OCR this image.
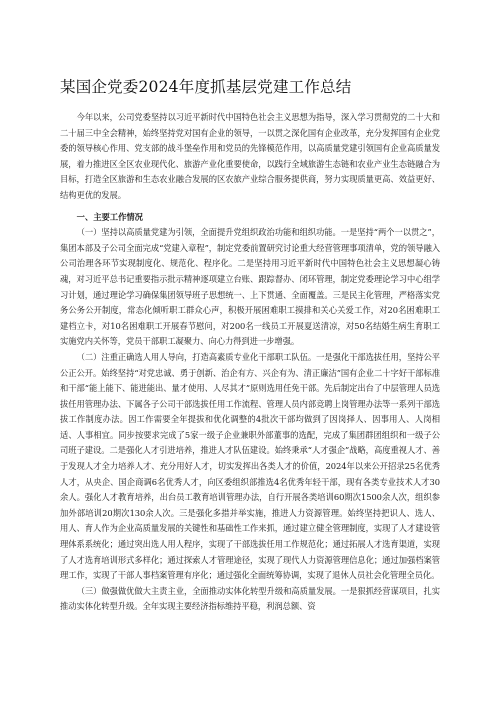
某国企党委2024年度抓基层党建工作总结

今年以来，公司党委坚持以习近平新时代中国特色社会主义思想为指导，深入学习贯彻党的二十大和二十届三中全会精神，始终坚持党对国有企业的领导，一以贯之深化国有企业改革，充分发挥国有企业党委的领导核心作用、党支部的战斗堡垒作用和党员的先锋模范作用，以高质量党建引领国有企业高质量发展，着力推进区全区农业现代化、旅游产业化重要使命，以践行全域旅游生态链和农业产业生态链融合为目标，打造全区旅游和生态农业融合发展的区农旅产业综合服务提供商，努力实现质量更高、效益更好、结构更优的发展。

一、主要工作情况

（一）坚持以高质量党建为引领，全面提升党组织政治功能和组织功能。一是坚持“两个一以贯之”，集团本部及子公司全面完成“党建入章程”，制定党委前置研究讨论重大经营管理事项清单，党的领导融入公司治理各环节实现制度化、规范化、程序化。二是坚持用习近平新时代中国特色社会主义思想凝心铸魂，对习近平总书记重要指示批示精神逐项建立台账、跟踪督办、闭环管理，制定党委理论学习中心组学习计划，通过理论学习确保集团领导班子思想统一、上下贯通、全面覆盖。三是民主化管理，严格落实党务公务公开制度，常态化倾听职工群众心声，积极开展困难职工摸排和关心关爱工作，对20名困难职工建档立卡，对10名困难职工开展春节慰问，对200名一线员工开展夏送清凉，对50名结婚生病生育职工实施党内关怀等，党员干部职工凝聚力、向心力得到进一步增强。

（二）注重正确选人用人导向，打造高素质专业化干部职工队伍。一是强化干部选拔任用，坚持公平公正公开。始终坚持“对党忠诚、勇于创新、治企有方、兴企有为、清正廉洁”国有企业二十字好干部标准和干部“能上能下、能进能出、量才使用、人尽其才”原则选用任免干部。先后制定出台了中层管理人员选拔任用管理办法、下属各子公司干部选拔任用工作流程、管理人员内部竞聘上岗管理办法等一系列干部选拔工作制度办法。因工作需要全年提拔和优化调整的4批次干部均做到了因岗择人、因事用人、人岗相适、人事相宜。同步按要求完成了5家一级子企业兼职外部董事的选配，完成了集团群团组织和一级子公司班子建设。二是强化人才引进培养，推进人才队伍建设。始终秉承“人才强企”战略，高度重视人才、善于发现人才全力培养人才、充分用好人才，切实发挥出各类人才的价值，2024年以来公开招录25名优秀人才，从央企、国企商调6名优秀人才，向区委组织部推选4名优秀年轻干部，现有各类专业技术人才30余人。强化人才教育培养，出台员工教育培训管理办法，自行开展各类培训60期次1500余人次，组织参加外部培训20期次130余人次。三是强化多措并举实施，推进人力资源管理。始终坚持把识人、选人、用人、育人作为企业高质量发展的关键性和基础性工作来抓，通过建立健全管理制度，实现了人才建设管理体系系统化；通过突出选人用人程序，实现了干部选拔任用工作规范化；通过拓展人才选育渠道，实现了人才选育培训形式多样化；通过探索人才管理途径，实现了现代人力资源管理信息化；通过加强档案管理工作，实现了干部人事档案管理有序化；通过强化全面统筹协调，实现了退休人员社会化管理全员化。

（三）做强做优做大主责主业，全面推动实体化转型升级和高质量发展。一是狠抓经营谋项目，扎实推动实体化转型升级。全年实现主要经济指标维持平稳，利润总额、资
